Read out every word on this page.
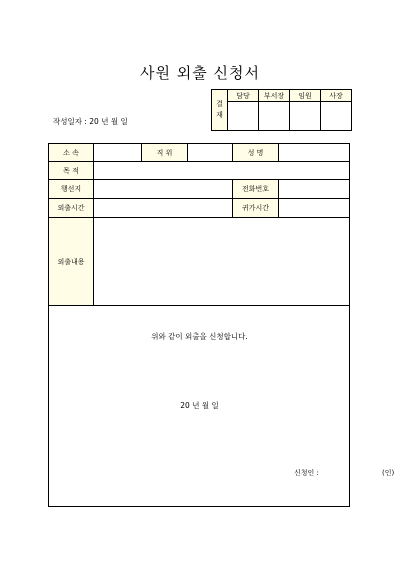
사원 외출 신청서
작성일자 : 20 년 월 일
결
재	담당	부서장	임원	사장

소 속		직 위		성 명	
목 적					
행선지				전화번호	
외출시간				귀가시간	
외출내용					

위와 같이 외출을 신청합니다.
20 년 월 일
신청인 : (인)					
